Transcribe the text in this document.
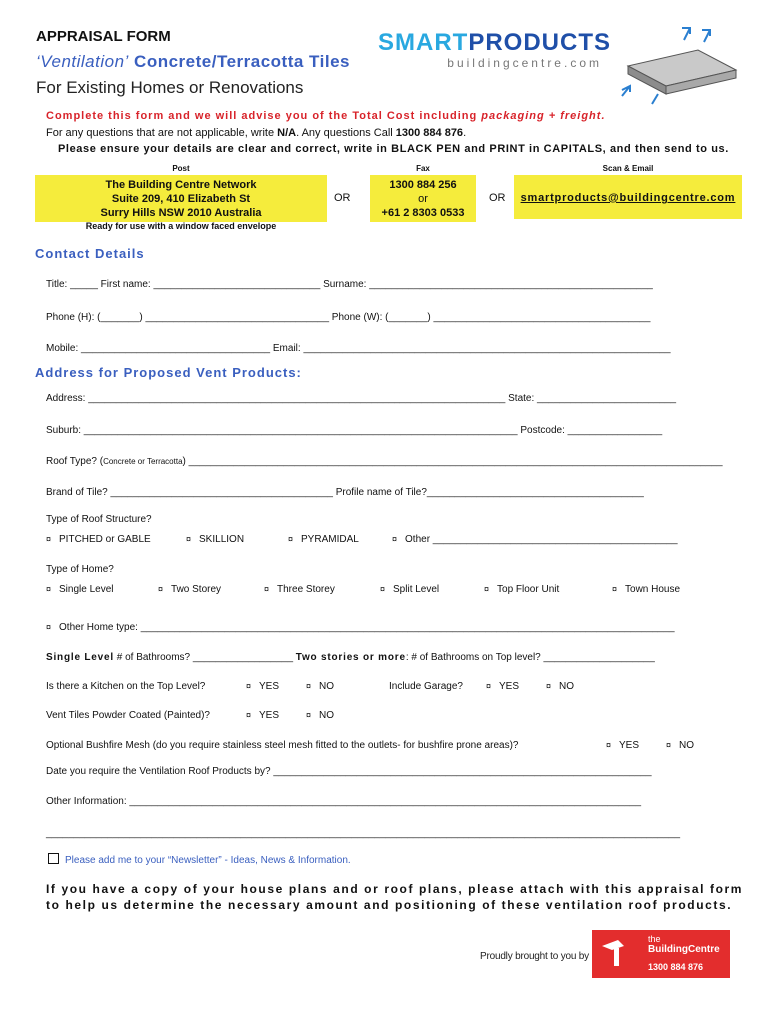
APPRAISAL FORM
‘Ventilation’ Concrete/Terracotta Tiles
For Existing Homes or Renovations
SMARTPRODUCTS
buildingcentre.com
Complete this form and we will advise you of the Total Cost including packaging + freight.
For any questions that are not applicable, write N/A. Any questions Call 1300 884 876.
Please ensure your details are clear and correct, write in BLACK PEN and PRINT in CAPITALS, and then send to us.
Post	Fax	Scan & Email
The Building Centre Network
Suite 209, 410 Elizabeth St
Surry Hills NSW 2010 Australia
OR
1300 884 256
or
+61 2 8303 0533
OR	smartproducts@buildingcentre.com
Ready for use with a window faced envelope
Contact Details
Title: _____ First name: ______________________________ Surname: ___________________________________________________
Phone (H): (_______) _________________________________ Phone (W): (_______) _______________________________________
Mobile: __________________________________ Email: __________________________________________________________________
Address for Proposed Vent Products:
Address: ___________________________________________________________________________ State: _________________________
Suburb: ______________________________________________________________________________ Postcode: _________________
Roof Type? (Concrete or Terracotta) ________________________________________________________________________________________________
Brand of Tile? ________________________________________ Profile name of Tile?_______________________________________
Type of Roof Structure?
¤ PITCHED or GABLE	¤ SKILLION	¤ PYRAMIDAL	¤ Other ____________________________________________
Type of Home?
¤ Single Level	¤ Two Storey	¤ Three Storey	¤ Split Level	¤ Top Floor Unit	¤ Town House
¤ Other Home type: ________________________________________________________________________________________________
Single Level # of Bathrooms? __________________ Two stories or more: # of Bathrooms on Top level? ____________________
Is there a Kitchen on the Top Level?	¤ YES	¤ NO	Include Garage?	¤ YES	¤ NO
Vent Tiles Powder Coated (Painted)?	¤ YES	¤ NO
Optional Bushfire Mesh (do you require stainless steel mesh fitted to the outlets- for bushfire prone areas)?	¤ YES	¤ NO
Date you require the Ventilation Roof Products by? ____________________________________________________________________
Other Information: ____________________________________________________________________________________________
__________________________________________________________________________________________________________________
Please add me to your “Newsletter” - Ideas, News & Information.
If you have a copy of your house plans and or roof plans, please attach with this appraisal form to help us determine the necessary amount and positioning of these ventilation roof products.
Proudly brought to you by
the
BuildingCentre
1300 884 876
